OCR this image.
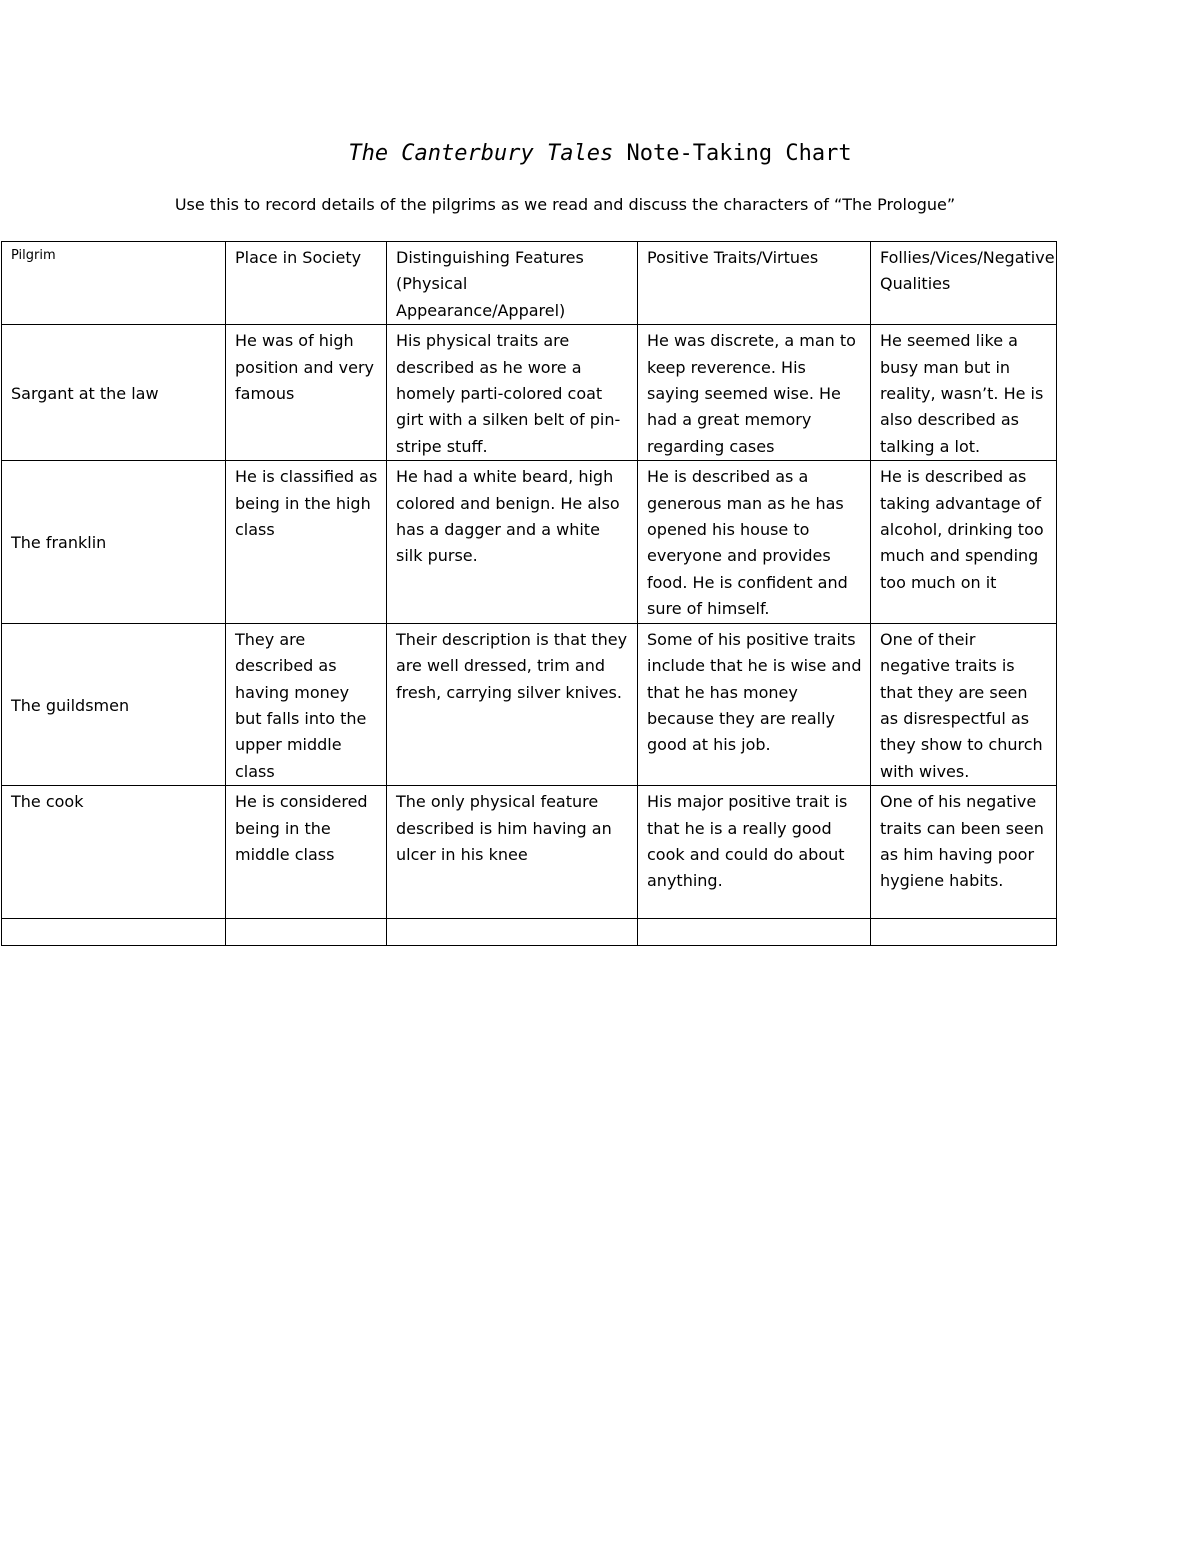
The Canterbury Tales Note-Taking Chart
Use this to record details of the pilgrims as we read and discuss the characters of “The Prologue”
Pilgrim	Place in Society	Distinguishing Features (Physical Appearance/Apparel)	Positive Traits/Virtues	Follies/Vices/Negative Qualities
Sargant at the law	He was of high position and very famous	His physical traits are described as he wore a homely parti-colored coat girt with a silken belt of pin-stripe stuff.	He was discrete, a man to keep reverence. His saying seemed wise. He had a great memory regarding cases	He seemed like a busy man but in reality, wasn’t. He is also described as talking a lot.
The franklin	He is classified as being in the high class	He had a white beard, high colored and benign. He also has a dagger and a white silk purse.	He is described as a generous man as he has opened his house to everyone and provides food. He is confident and sure of himself.	He is described as taking advantage of alcohol, drinking too much and spending too much on it
The guildsmen	They are described as having money but falls into the upper middle class	Their description is that they are well dressed, trim and fresh, carrying silver knives.	Some of his positive traits include that he is wise and that he has money because they are really good at his job.	One of their negative traits is that they are seen as disrespectful as they show to church with wives.
The cook	He is considered being in the middle class	The only physical feature described is him having an ulcer in his knee	His major positive trait is that he is a really good cook and could do about anything.	One of his negative traits can been seen as him having poor hygiene habits.
